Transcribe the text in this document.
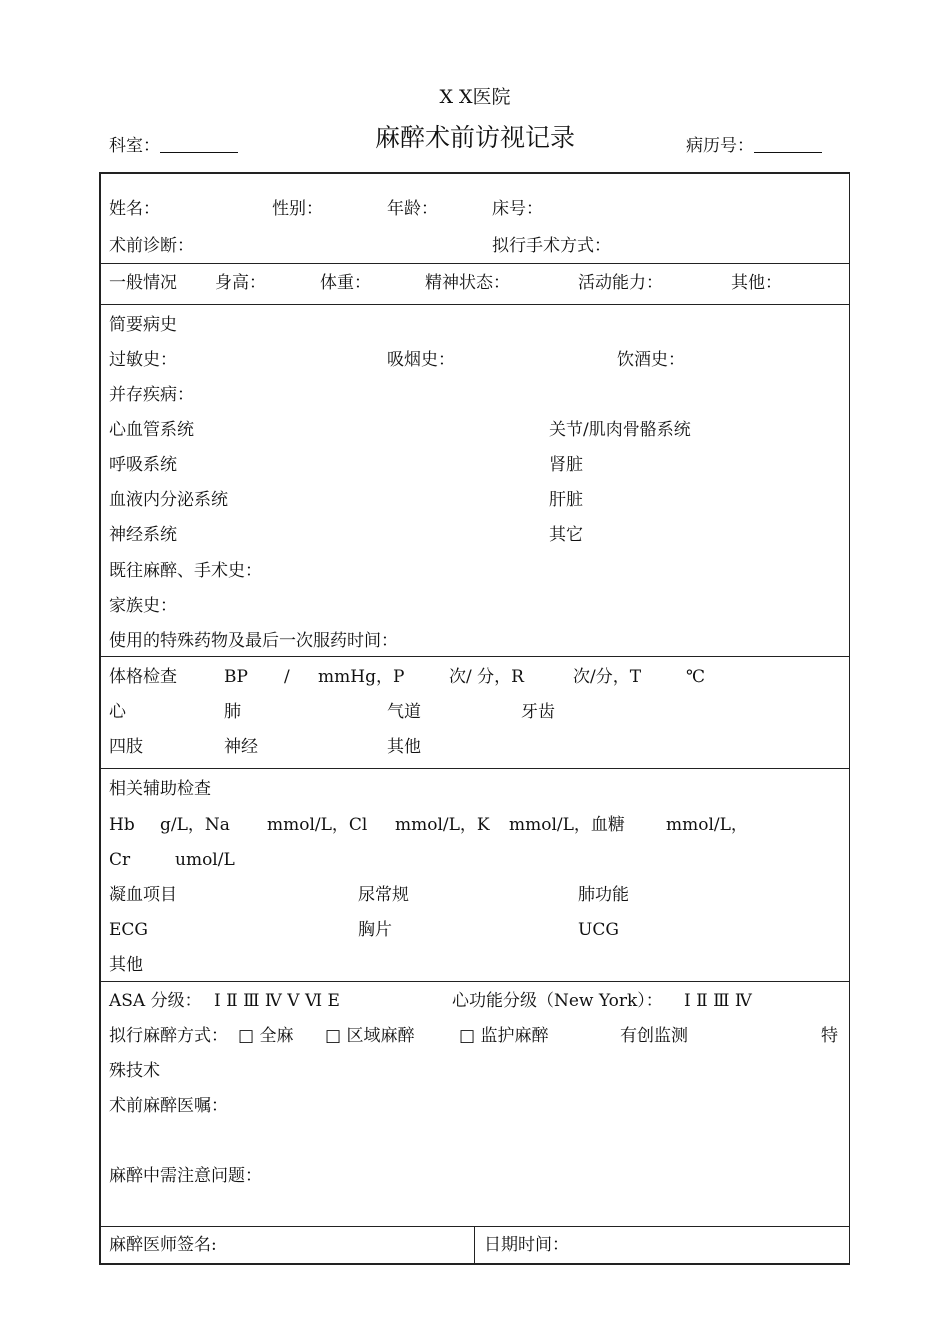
X X医院
麻醉术前访视记录
科室：	病历号：
姓名：	性别：	年龄：	床号：
术前诊断：	拟行手术方式：
一般情况 身高：	体重：	精神状态：	活动能力：	其他：
简要病史
过敏史：	吸烟史：	饮酒史：
并存疾病：
心血管系统	关节/肌肉骨骼系统
呼吸系统	肾脏
血液内分泌系统	肝脏
神经系统	其它
既往麻醉、手术史：
家族史：
使用的特殊药物及最后一次服药时间：
体格检查	BP / mmHg，P	次/ 分，R	次/分，T	℃
心	肺	气道	牙齿
四肢	神经	其他
相关辅助检查
Hb g/L，Na mmol/L，Cl mmol/L，K mmol/L，血糖 mmol/L，
Cr	umol/L
凝血项目	尿常规	肺功能
ECG	胸片	UCG
其他
ASA 分级： Ⅰ Ⅱ Ⅲ Ⅳ Ⅴ Ⅵ E	心功能分级（New York）： Ⅰ Ⅱ Ⅲ Ⅳ
拟行麻醉方式： □ 全麻 □ 区域麻醉	□ 监护麻醉	有创监测	特
殊技术
术前麻醉医嘱：
麻醉中需注意问题：
麻醉医师签名:	日期时间：
